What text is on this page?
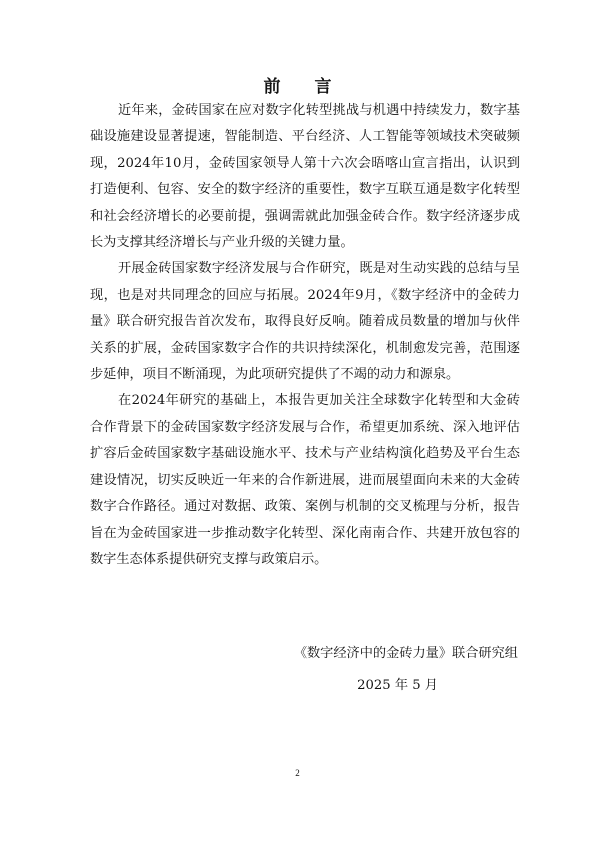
前 言

近年来，金砖国家在应对数字化转型挑战与机遇中持续发力，数字基础设施建设显著提速，智能制造、平台经济、人工智能等领域技术突破频现，2024年10月，金砖国家领导人第十六次会晤喀山宣言指出，认识到打造便利、包容、安全的数字经济的重要性，数字互联互通是数字化转型和社会经济增长的必要前提，强调需就此加强金砖合作。数字经济逐步成长为支撑其经济增长与产业升级的关键力量。

开展金砖国家数字经济发展与合作研究，既是对生动实践的总结与呈现，也是对共同理念的回应与拓展。2024年9月，《数字经济中的金砖力量》联合研究报告首次发布，取得良好反响。随着成员数量的增加与伙伴关系的扩展，金砖国家数字合作的共识持续深化，机制愈发完善，范围逐步延伸，项目不断涌现，为此项研究提供了不竭的动力和源泉。

在2024年研究的基础上，本报告更加关注全球数字化转型和大金砖合作背景下的金砖国家数字经济发展与合作，希望更加系统、深入地评估扩容后金砖国家数字基础设施水平、技术与产业结构演化趋势及平台生态建设情况，切实反映近一年来的合作新进展，进而展望面向未来的大金砖数字合作路径。通过对数据、政策、案例与机制的交叉梳理与分析，报告旨在为金砖国家进一步推动数字化转型、深化南南合作、共建开放包容的数字生态体系提供研究支撑与政策启示。

《数字经济中的金砖力量》联合研究组
2025 年 5 月
2
